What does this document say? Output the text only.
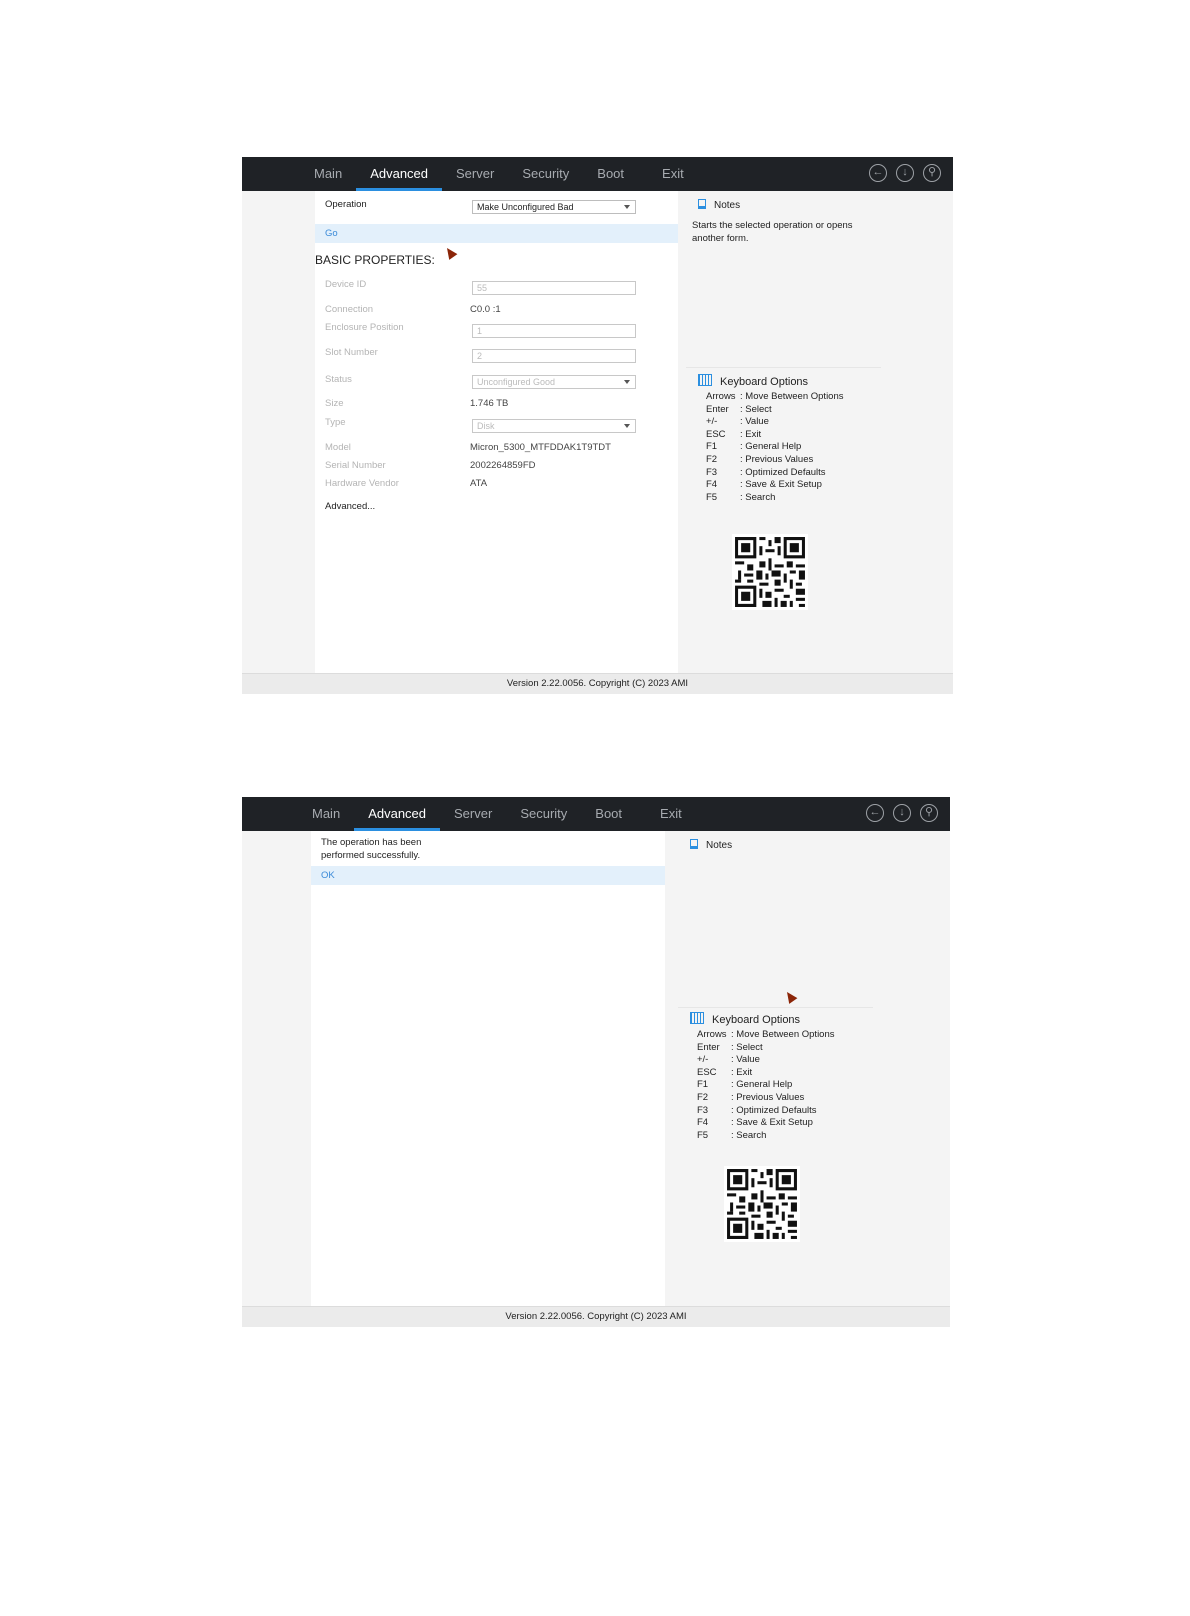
Main	Advanced	Server	Security	Boot	Exit	←	↓	⚲
Operation	Make Unconfigured Bad
Go
BASIC PROPERTIES:
Device ID	55
Connection	C0.0 :1
Enclosure Position	1
Slot Number	2
Status	Unconfigured Good
Size	1.746 TB
Type	Disk
Model	Micron_5300_MTFDDAK1T9TDT
Serial Number	2002264859FD
Hardware Vendor	ATA
Advanced...
Notes
Starts the selected operation or opens another form.
Keyboard Options
Arrows : Move Between Options
Enter : Select
+/- : Value
ESC : Exit
F1 : General Help
F2 : Previous Values
F3 : Optimized Defaults
F4 : Save & Exit Setup
F5 : Search
Version 2.22.0056. Copyright (C) 2023 AMI
Main	Advanced	Server	Security	Boot	Exit	←	↓	⚲
The operation has been performed successfully.
OK
Notes
Keyboard Options
Arrows : Move Between Options
Enter : Select
+/- : Value
ESC : Exit
F1 : General Help
F2 : Previous Values
F3 : Optimized Defaults
F4 : Save & Exit Setup
F5 : Search
Version 2.22.0056. Copyright (C) 2023 AMI
